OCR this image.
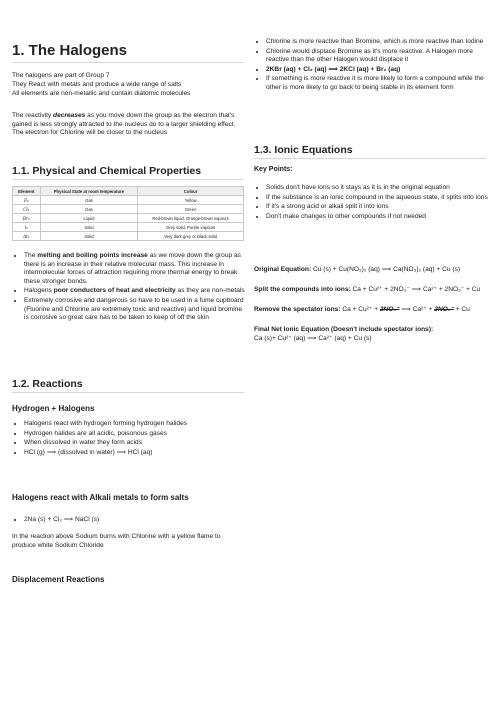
1. The Halogens
The halogens are part of Group 7
They React with metals and produce a wide range of salts
All elements are non-metallic and contain diatomic molecules
The reactivity decreases as you move down the group as the electron that's gained is less strongly attracted to the nucleus do to a larger shielding effect. The electron for Chlorine will be closer to the nucleus
1.1. Physical and Chemical Properties
Element	Physical State at room temperature	Colour
F₂	Gas	Yellow
Cl₂	Gas	Green
Br₂	Liquid	Red-brown liquid, Orange-brown vapours
I₂	Solid	Grey solid, Purple vapours
At₂	Solid	Very dark grey or Black solid
• The melting and boiling points increase as we move down the group as there is an increase in their relative molecular mass. This increase in intermolecular forces of attraction requiring more thermal energy to break these stronger bonds.
• Halogens poor conductors of heat and electricity as they are non-metals
• Extremely corrosive and dangerous so have to be used in a fume cupboard (Fluorine and Chlorine are extremely toxic and reactive) and liquid bromine is corrosive so great care has to be taken to keep of off the skin
1.2. Reactions
Hydrogen + Halogens
• Halogens react with hydrogen forming hydrogen halides
• Hydrogen halides are all acidic, poisonous gases
• When dissolved in water they form acids
• HCl (g) ⟹ (dissolved in water) ⟹ HCl (aq)
Halogens react with Alkali metals to form salts
• 2Na (s) + Cl₂ ⟹ NaCl (s)
In the reaction above Sodium burns with Chlorine with a yellow flame to produce white Sodium Chloride
Displacement Reactions
• Chlorine is more reactive than Bromine, which is more reactive than Iodine
• Chlorine would displace Bromine as it's more reactive. A Halogen more reactive than the other Halogen would displace it
• 2KBr (aq) + Cl₂ (aq) ⟹ 2KCl (aq) + Br₂ (aq)
• If something is more reactive it is more likely to form a compound while the other is more likely to go back to being stable in its element form
1.3. Ionic Equations
Key Points:
• Solids don't have ions so it stays as it is in the original equation
• If the substance is an ionic compound in the aqueous state, it splits into ions
• If it's a strong acid or alkali split it into ions
• Don't make changes to other compounds if not needed
Original Equation: Cu (s) + Cu(NO₃)₂ (aq) ⟹ Ca(NO₃)₂ (aq) + Cu (s)
Split the compounds into ions: Ca + Cu²⁺ + 2NO₃⁻ ⟹ Ca²⁺ + 2NO₃⁻ + Cu
Remove the spectator ions: Ca + Cu²⁺ + 2NO₃⁻ ⟹ Ca²⁺ + 2NO₃⁻ + Cu
Final Net Ionic Equation (Doesn't include spectator ions):
Ca (s)+ Cu²⁺ (aq) ⟹ Ca²⁺ (aq) + Cu (s)
